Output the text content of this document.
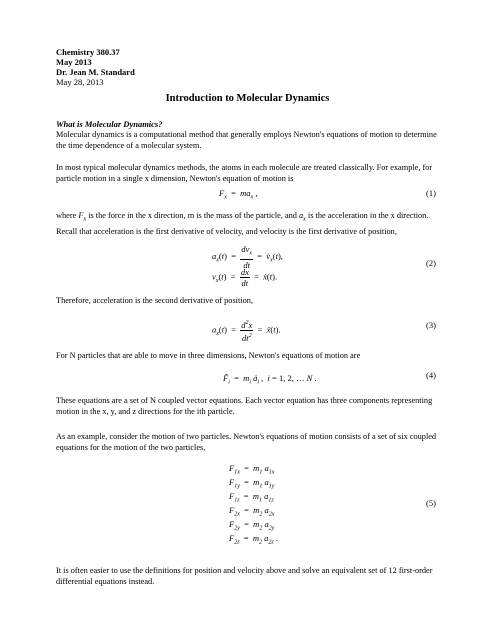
Chemistry 380.37
May 2013
Dr. Jean M. Standard
May 28, 2013
Introduction to Molecular Dynamics
What is Molecular Dynamics?
Molecular dynamics is a computational method that generally employs Newton's equations of motion to determine the time dependence of a molecular system.
In most typical molecular dynamics methods, the atoms in each molecule are treated classically. For example, for particle motion in a single x dimension, Newton's equation of motion is
$F_x = ma_x$ ,	(1)
where $F_x$ is the force in the x direction, m is the mass of the particle, and $a_x$ is the acceleration in the x direction.
Recall that acceleration is the first derivative of velocity, and velocity is the first derivative of position,
$a_x(t) = \frac{dv_x}{dt}$ =  $v̇_x(t)$,
$v_x(t) = \frac{dx}{dt}$ =  ẋ(t).
(2)
Therefore, acceleration is the second derivative of position,
$a_x(t) = \frac{d^2x}{dt^2}$ =  ẍ(t).	(3)
For N particles that are able to move in three dimensions, Newton's equations of motion are
$F̃_i = m_i$ $ä_i$ ,  i = 1, 2, … N .	(4)
These equations are a set of N coupled vector equations. Each vector equation has three components representing motion in the x, y, and z directions for the ith particle.
As an example, consider the motion of two particles. Newton's equations of motion consists of a set of six coupled equations for the motion of the two particles,
$F_{1x} = m_1$ $a_{1x}$
$F_{1y} = m_1$ $a_{1y}$
$F_{1z} = m_1$ $a_{1z}$
$F_{2x} = m_2$ $a_{2x}$
$F_{2y} = m_2$ $a_{2y}$
$F_{2z} = m_2$ $a_{2z}$ .
(5)
It is often easier to use the definitions for position and velocity above and solve an equivalent set of 12 first-order differential equations instead.
